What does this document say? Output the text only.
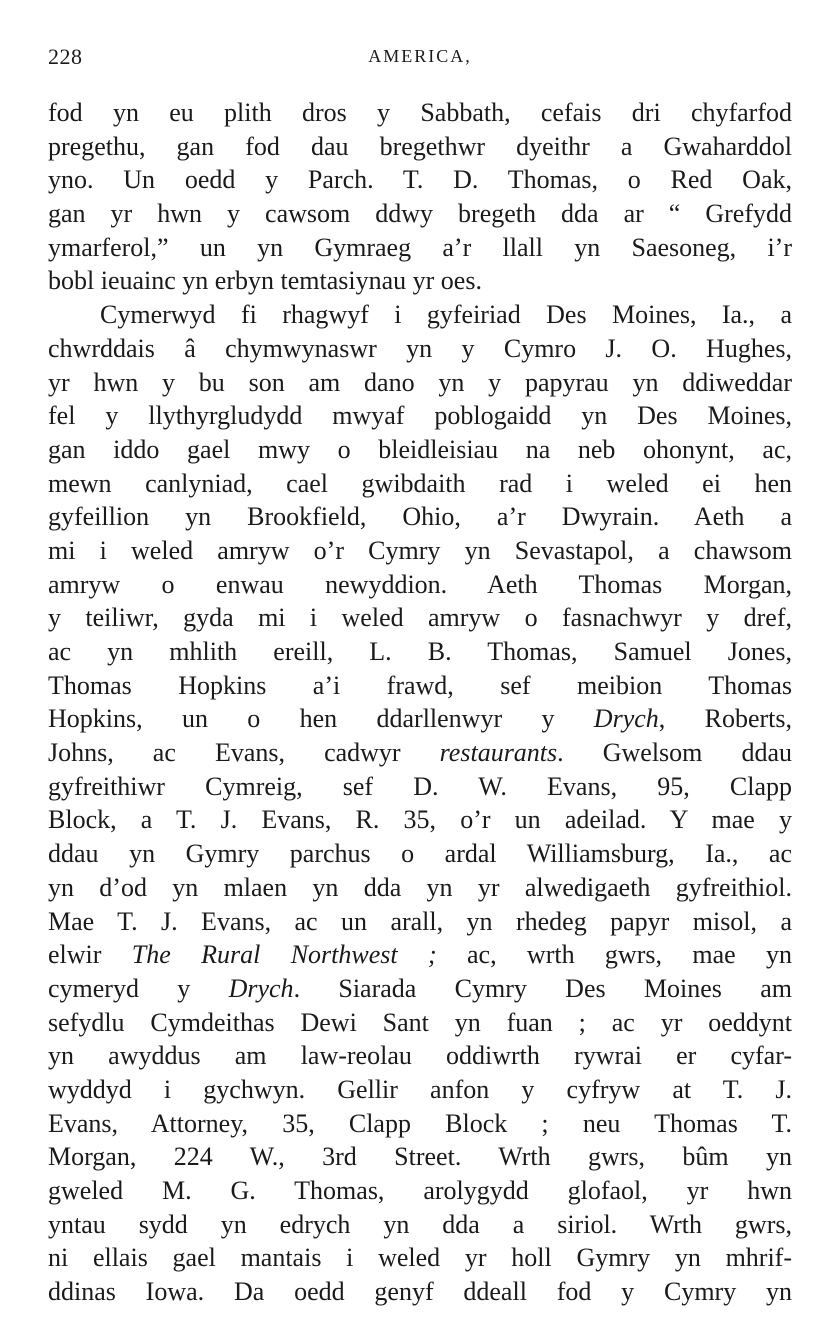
228	AMERICA,
fod yn eu plith dros y Sabbath, cefais dri chyfarfod
pregethu, gan fod dau bregethwr dyeithr a Gwaharddol
yno. Un oedd y Parch. T. D. Thomas, o Red Oak,
gan yr hwn y cawsom ddwy bregeth dda ar “ Grefydd
ymarferol,” un yn Gymraeg a’r llall yn Saesoneg, i’r
bobl ieuainc yn erbyn temtasiynau yr oes.
Cymerwyd fi rhagwyf i gyfeiriad Des Moines, Ia., a
chwrddais â chymwynaswr yn y Cymro J. O. Hughes,
yr hwn y bu son am dano yn y papyrau yn ddiweddar
fel y llythyrgludydd mwyaf poblogaidd yn Des Moines,
gan iddo gael mwy o bleidleisiau na neb ohonynt, ac,
mewn canlyniad, cael gwibdaith rad i weled ei hen
gyfeillion yn Brookfield, Ohio, a’r Dwyrain. Aeth a
mi i weled amryw o’r Cymry yn Sevastapol, a chawsom
amryw o enwau newyddion. Aeth Thomas Morgan,
y teiliwr, gyda mi i weled amryw o fasnachwyr y dref,
ac yn mhlith ereill, L. B. Thomas, Samuel Jones,
Thomas Hopkins a’i frawd, sef meibion Thomas
Hopkins, un o hen ddarllenwyr y Drych, Roberts,
Johns, ac Evans, cadwyr restaurants. Gwelsom ddau
gyfreithiwr Cymreig, sef D. W. Evans, 95, Clapp
Block, a T. J. Evans, R. 35, o’r un adeilad. Y mae y
ddau yn Gymry parchus o ardal Williamsburg, Ia., ac
yn d’od yn mlaen yn dda yn yr alwedigaeth gyfreithiol.
Mae T. J. Evans, ac un arall, yn rhedeg papyr misol, a
elwir The Rural Northwest ; ac, wrth gwrs, mae yn
cymeryd y Drych. Siarada Cymry Des Moines am
sefydlu Cymdeithas Dewi Sant yn fuan ; ac yr oeddynt
yn awyddus am law-reolau oddiwrth rywrai er cyfar-
wyddyd i gychwyn. Gellir anfon y cyfryw at T. J.
Evans, Attorney, 35, Clapp Block ; neu Thomas T.
Morgan, 224 W., 3rd Street. Wrth gwrs, bûm yn
gweled M. G. Thomas, arolygydd glofaol, yr hwn
yntau sydd yn edrych yn dda a siriol. Wrth gwrs,
ni ellais gael mantais i weled yr holl Gymry yn mhrif-
ddinas Iowa. Da oedd genyf ddeall fod y Cymry yn
